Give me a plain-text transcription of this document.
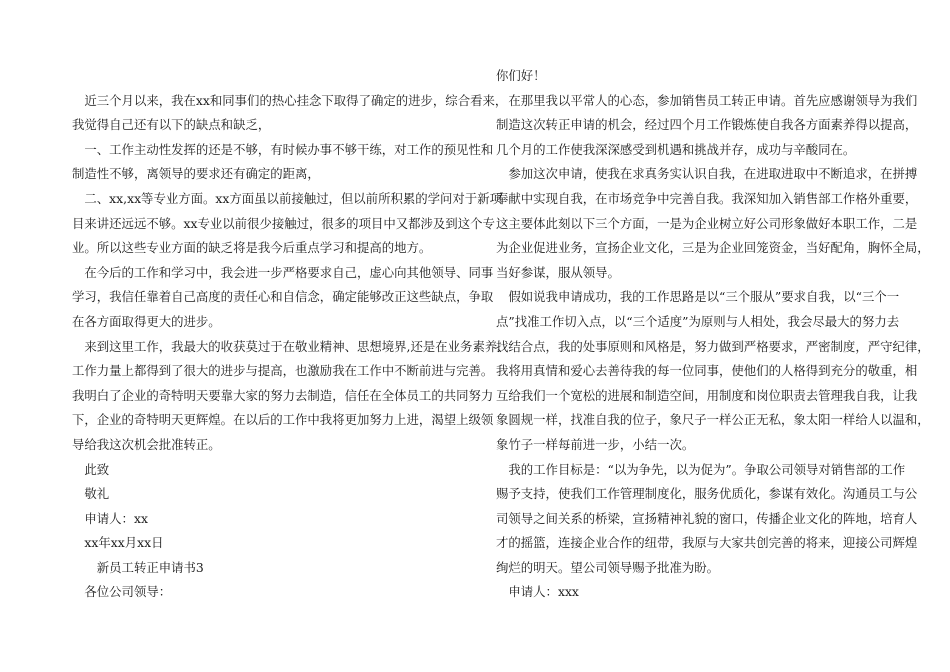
　近三个月以来，我在xx和同事们的热心挂念下取得了确定的进步，综合看来，
我觉得自己还有以下的缺点和缺乏，
　一、工作主动性发挥的还是不够，有时候办事不够干练，对工作的预见性和
制造性不够，离领导的要求还有确定的距离，
　二、xx,xx等专业方面。xx方面虽以前接触过，但以前所积累的学问对于新项
目来讲还远远不够。xx专业以前很少接触过，很多的项目中又都涉及到这个专
业。所以这些专业方面的缺乏将是我今后重点学习和提高的地方。
　在今后的工作和学习中，我会进一步严格要求自己，虚心向其他领导、同事
学习，我信任靠着自己高度的责任心和自信念，确定能够改正这些缺点，争取
在各方面取得更大的进步。
　来到这里工作，我最大的收获莫过于在敬业精神、思想境界,还是在业务素养、
工作力量上都得到了很大的进步与提高，也激励我在工作中不断前进与完善。
我明白了企业的奇特明天要靠大家的努力去制造，信任在全体员工的共同努力
下，企业的奇特明天更辉煌。在以后的工作中我将更加努力上进，渴望上级领
导给我这次机会批准转正。
　此致
　敬礼
　申请人：xx
　xx年xx月xx日
　　新员工转正申请书3
　各位公司领导：
你们好！
　在那里我以平常人的心态，参加销售员工转正申请。首先应感谢领导为我们
制造这次转正申请的机会，经过四个月工作锻炼使自我各方面素养得以提高，
几个月的工作使我深深感受到机遇和挑战并存，成功与辛酸同在。
　参加这次申请，使我在求真务实认识自我，在进取进取中不断追求，在拼搏
奉献中实现自我，在市场竞争中完善自我。我深知加入销售部工作格外重要，
这主要体此刻以下三个方面，一是为企业树立好公司形象做好本职工作，二是
为企业促进业务，宣扬企业文化，三是为企业回笼资金，当好配角，胸怀全局，
当好参谋，服从领导。
　假如说我申请成功，我的工作思路是以“三个服从”要求自我，以“三个一
点”找准工作切入点，以“三个适度”为原则与人相处，我会尽最大的努力去
找结合点，我的处事原则和风格是，努力做到严格要求，严密制度，严守纪律，
我将用真情和爱心去善待我的每一位同事，使他们的人格得到充分的敬重，相
互给我们一个宽松的进展和制造空间，用制度和岗位职责去管理我自我，让我
象圆规一样，找准自我的位子，象尺子一样公正无私，象太阳一样给人以温和，
象竹子一样每前进一步，小结一次。
　我的工作目标是：“以为争先，以为促为”。争取公司领导对销售部的工作
赐予支持，使我们工作管理制度化，服务优质化，参谋有效化。沟通员工与公
司领导之间关系的桥梁，宣扬精神礼貌的窗口，传播企业文化的阵地，培育人
才的摇篮，连接企业合作的纽带，我原与大家共创完善的将来，迎接公司辉煌
绚烂的明天。望公司领导赐予批准为盼。
　申请人：xxx
